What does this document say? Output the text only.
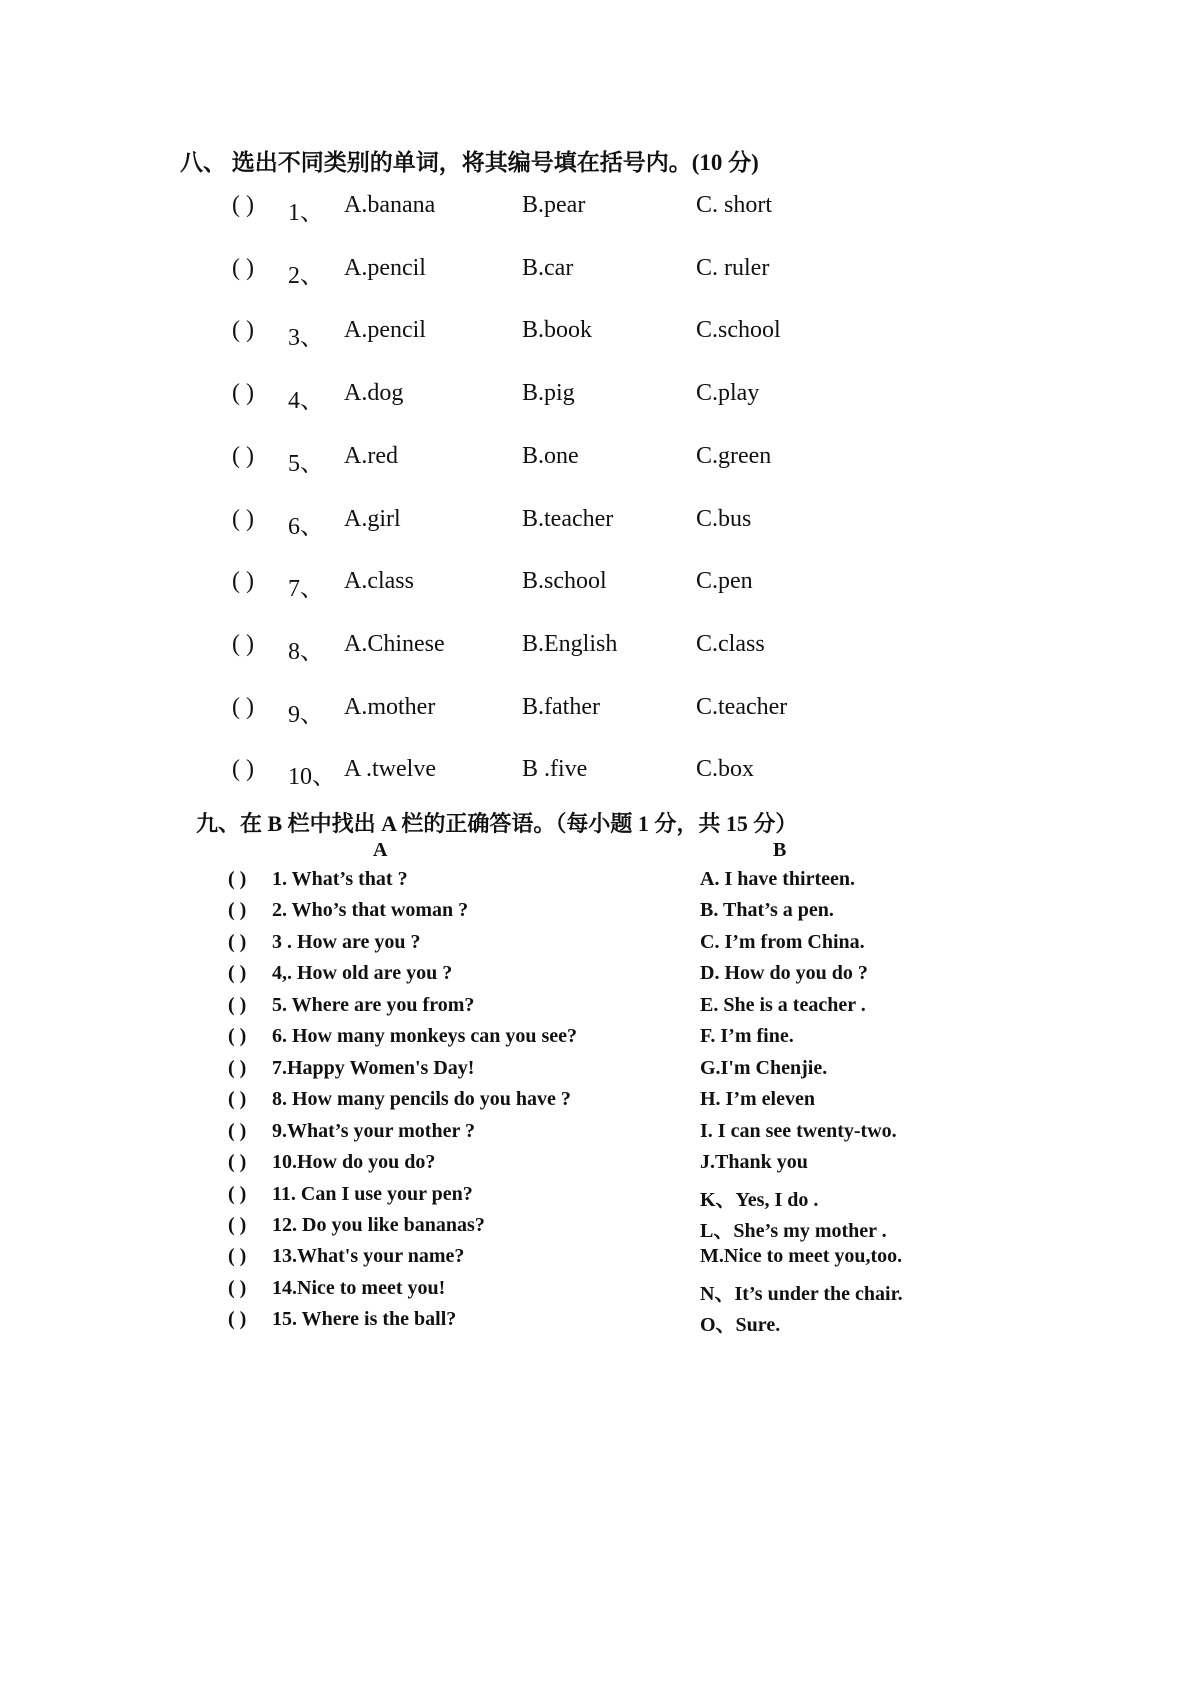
八、 选出不同类别的单词，将其编号填在括号内。(10 分)
( ) 1、 A.banana	B.pear	C. short
( ) 2、 A.pencil	B.car	C. ruler
( ) 3、 A.pencil	B.book	C.school
( ) 4、 A.dog	B.pig	C.play
( ) 5、 A.red	B.one	C.green
( ) 6、 A.girl	B.teacher	C.bus
( ) 7、 A.class	B.school	C.pen
( ) 8、 A.Chinese	B.English	C.class
( ) 9、 A.mother	B.father	C.teacher
( ) 10、 A .twelve	B .five	C.box
九、在 B 栏中找出 A 栏的正确答语。（每小题 1 分，共 15 分）
A	B
( ) 1. What’s that ?	A. I have thirteen.
( ) 2. Who’s that woman ?	B. That’s a pen.
( ) 3 . How are you ?	C. I’m from China.
( ) 4,. How old are you ?	D. How do you do ?
( ) 5. Where are you from?	E. She is a teacher .
( ) 6. How many monkeys can you see?	F. I’m fine.
( ) 7.Happy Women's Day!	G.I'm Chenjie.
( ) 8. How many pencils do you have ?	H. I’m eleven
( ) 9.What’s your mother ?	I. I can see twenty-two.
( ) 10.How do you do?	J.Thank you
( ) 11. Can I use your pen?	K、Yes, I do .
( ) 12. Do you like bananas?	L、She’s my mother .
( ) 13.What's your name?	M.Nice to meet you,too.
( ) 14.Nice to meet you!	N、It’s under the chair.
( ) 15. Where is the ball?	O、Sure.
